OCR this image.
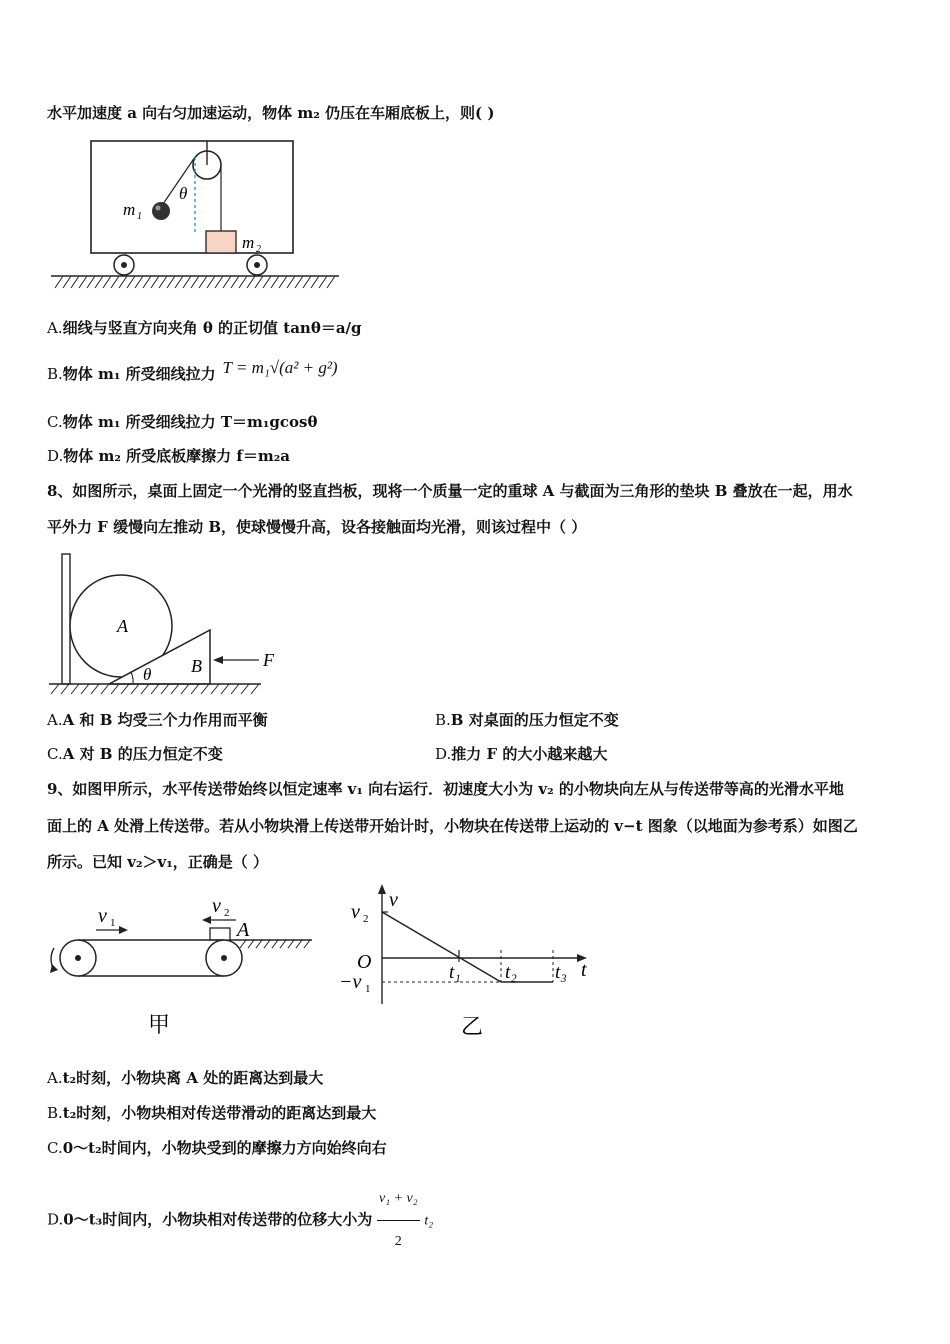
水平加速度 a 向右匀加速运动，物体 m₂ 仍压在车厢底板上，则( )
m 1
θ
m 2
A.细线与竖直方向夹角 θ 的正切值 tanθ＝a/g
B.物体 m₁ 所受细线拉力 T = m₁√(a² + g²)
C.物体 m₁ 所受细线拉力 T＝m₁gcosθ
D.物体 m₂ 所受底板摩擦力 f＝m₂a
8、如图所示，桌面上固定一个光滑的竖直挡板，现将一个质量一定的重球 A 与截面为三角形的垫块 B 叠放在一起，用水
平外力 F 缓慢向左推动 B，使球慢慢升高，设各接触面均光滑，则该过程中（ ）
A
B
θ
F
A.A 和 B 均受三个力作用而平衡	B.B 对桌面的压力恒定不变
C.A 对 B 的压力恒定不变	D.推力 F 的大小越来越大
9、如图甲所示，水平传送带始终以恒定速率 v₁ 向右运行．初速度大小为 v₂ 的小物块向左从与传送带等高的光滑水平地
面上的 A 处滑上传送带。若从小物块滑上传送带开始计时，小物块在传送带上运动的 v−t 图象（以地面为参考系）如图乙
所示。已知 v₂＞v₁，正确是（ ）
v 1
v 2
A
甲
v
t
O
v 2
−v 1
t₁ t₂ t₃
乙
A.t₂时刻，小物块离 A 处的距离达到最大
B.t₂时刻，小物块相对传送带滑动的距离达到最大
C.0～t₂时间内，小物块受到的摩擦力方向始终向右
D.0～t₃时间内，小物块相对传送带的位移大小为 $\frac{\text{v₁ + v₂}}{2} t_2$
